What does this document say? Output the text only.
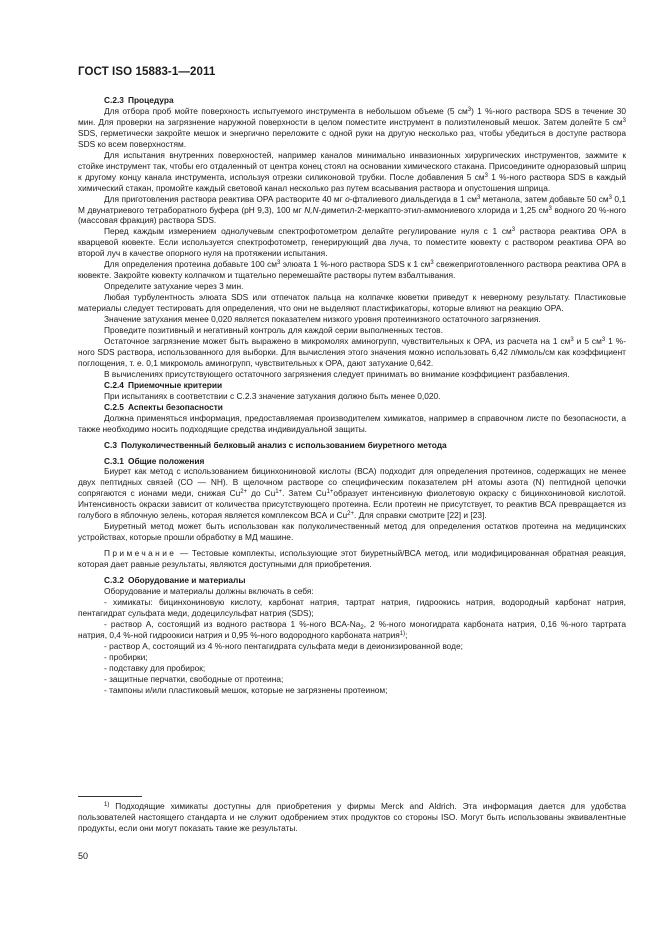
ГОСТ ISO 15883-1—2011

С.2.3 Процедура

Для отбора проб мойте поверхность испытуемого инструмента в небольшом объеме (5 $см^3$) 1 %-ного раствора SDS в течение 30 мин. Для проверки на загрязнение наружной поверхности в целом поместите инструмент в полиэтиленовый мешок. Затем долейте 5 $см^3$ SDS, герметически закройте мешок и энергично переложите с одной руки на другую несколько раз, чтобы убедиться в доступе раствора SDS ко всем поверхностям.

Для испытания внутренних поверхностей, например каналов минимально инвазионных хирургических инструментов, зажмите к стойке инструмент так, чтобы его отдаленный от центра конец стоял на основании химического стакана. Присоедините одноразовый шприц к другому концу канала инструмента, используя отрезки силиконовой трубки. После добавления 5 $см^3$ 1 %-ного раствора SDS в каждый химический стакан, промойте каждый световой канал несколько раз путем всасывания раствора и опустошения шприца.

Для приготовления раствора реактива ОРА растворите 40 мг о-фталиевого диальдегида в 1 $см^3$ метанола, затем добавьте 50 $см^3$ 0,1 М двунатриевого тетраборатного буфера (рН 9,3), 100 мг N,N-диметил-2-меркапто-этил-аммониевого хлорида и 1,25 $см^3$ водного 20 %-ного (массовая фракция) раствора SDS.

Перед каждым измерением однолучевым спектрофотометром делайте регулирование нуля с 1 $см^3$ раствора реактива ОРА в кварцевой кювекте. Если используется спектрофотометр, генерирующий два луча, то поместите кювекту с раствором реактива ОРА во второй луч в качестве опорного нуля на протяжении испытания.

Для определения протеина добавьте 100 $см^3$ элюата 1 %-ного раствора SDS к 1 $см^3$ свежеприготовленного раствора реактива ОРА в кювекте. Закройте кювекту колпачком и тщательно перемешайте растворы путем взбалтывания.

Определите затухание через 3 мин.

Любая турбулентность элюата SDS или отпечаток пальца на колпачке кюветки приведут к неверному результату. Пластиковые материалы следует тестировать для определения, что они не выделяют пластификаторы, которые влияют на реакцию ОРА.

Значение затухания менее 0,020 является показателем низкого уровня протеинизного остаточного загрязнения.

Проведите позитивный и негативный контроль для каждой серии выполненных тестов.

Остаточное загрязнение может быть выражено в микромолях аминогрупп, чувствительных к ОРА, из расчета на 1 $см^3$ и 5 $см^3$ 1 %-ного SDS раствора, использованного для выборки. Для вычисления этого значения можно использовать 6,42 л/ммоль/см как коэффициент поглощения, т. е. 0,1 микромоль аминогрупп, чувствительных к ОРА, дают затухание 0,642.

В вычислениях присутствующего остаточного загрязнения следует принимать во внимание коэффициент разбавления.

С.2.4 Приемочные критерии

При испытаниях в соответствии с С.2.3 значение затухания должно быть менее 0,020.

С.2.5 Аспекты безопасности

Должна применяться информация, предоставляемая производителем химикатов, например в справочном листе по безопасности, а также необходимо носить подходящие средства индивидуальной защиты.

С.3 Полуколичественный белковый анализ с использованием биуретного метода

С.3.1 Общие положения

Биурет как метод с использованием бицинхониновой кислоты (ВСА) подходит для определения протеинов, содержащих не менее двух пептидных связей (СО — NH). В щелочном растворе со специфическим показателем рН атомы азота (N) пептидной цепочки сопрягаются с ионами меди, снижая $Cu^{2+}$ до $Cu^{1+}$. Затем $Cu^{1+}образует$ интенсивную фиолетовую окраску с бицинхониновой кислотой. Интенсивность окраски зависит от количества присутствующего протеина. Если протеин не присутствует, то реактив ВСА превращается из голубого в яблочную зелень, которая является комплексом ВСА и $Cu^{2+}$. Для справки смотрите [22] и [23].

Биуретный метод может быть использован как полуколичественный метод для определения остатков протеина на медицинских устройствах, которые прошли обработку в МД машине.

Примечание — Тестовые комплекты, использующие этот биуретный/ВСА метод, или модифицированная обратная реакция, которая дает равные результаты, являются доступными для приобретения.

С.3.2 Оборудование и материалы

Оборудование и материалы должны включать в себя:

- химикаты: бицинхониновую кислоту, карбонат натрия, тартрат натрия, гидроокись натрия, водородный карбонат натрия, пентагидрат сульфата меди, додецилсульфат натрия (SDS);

- раствор А, состоящий из водного раствора 1 %-ного ВСА-$Na_2$, 2 %-ного моногидрата карбоната натрия, 0,16 %-ного тартрата натрия, 0,4 %-ной гидроокиси натрия и 0,95 %-ного водородного карбоната натрия$^{1)}$;

- раствор А, состоящий из 4 %-ного пентагидрата сульфата меди в деионизированной воде;

- пробирки;

- подставку для пробирок;

- защитные перчатки, свободные от протеина;

- тампоны и/или пластиковый мешок, которые не загрязнены протеином;

$^{1)}$ Подходящие химикаты доступны для приобретения у фирмы Merck and Aldrich. Эта информация дается для удобства пользователей настоящего стандарта и не служит одобрением этих продуктов со стороны ISO. Могут быть использованы эквивалентные продукты, если они могут показать такие же результаты.
50
